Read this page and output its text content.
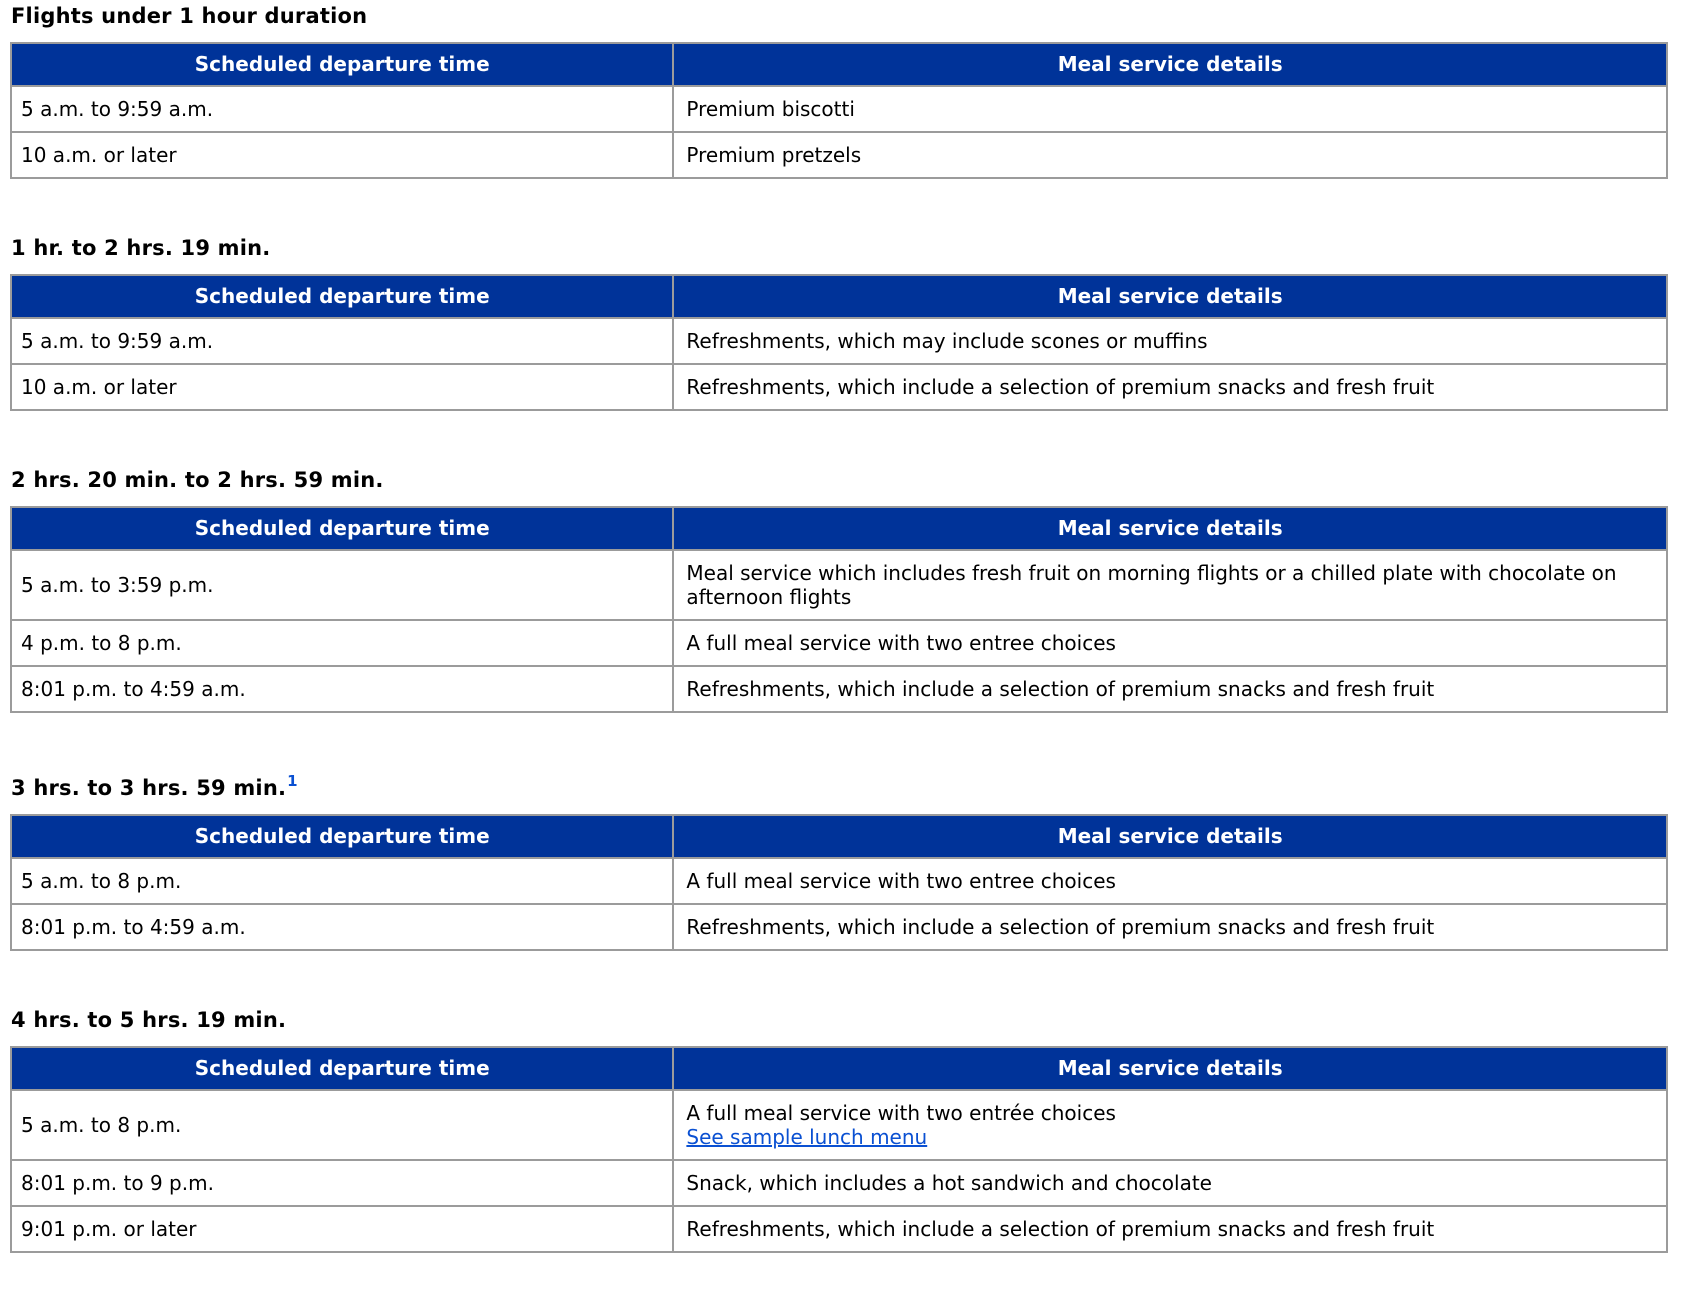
Flights under 1 hour duration
Scheduled departure time	Meal service details
5 a.m. to 9:59 a.m.	Premium biscotti
10 a.m. or later	Premium pretzels
1 hr. to 2 hrs. 19 min.
Scheduled departure time	Meal service details
5 a.m. to 9:59 a.m.	Refreshments, which may include scones or muffins
10 a.m. or later	Refreshments, which include a selection of premium snacks and fresh fruit
2 hrs. 20 min. to 2 hrs. 59 min.
Scheduled departure time	Meal service details
5 a.m. to 3:59 p.m.	Meal service which includes fresh fruit on morning flights or a chilled plate with chocolate on afternoon flights
4 p.m. to 8 p.m.	A full meal service with two entree choices
8:01 p.m. to 4:59 a.m.	Refreshments, which include a selection of premium snacks and fresh fruit
3 hrs. to 3 hrs. 59 min.$^1$
Scheduled departure time	Meal service details
5 a.m. to 8 p.m.	A full meal service with two entree choices
8:01 p.m. to 4:59 a.m.	Refreshments, which include a selection of premium snacks and fresh fruit
4 hrs. to 5 hrs. 19 min.
Scheduled departure time	Meal service details
5 a.m. to 8 p.m.	A full meal service with two entrée choices
See sample lunch menu
8:01 p.m. to 9 p.m.	Snack, which includes a hot sandwich and chocolate
9:01 p.m. or later	Refreshments, which include a selection of premium snacks and fresh fruit
